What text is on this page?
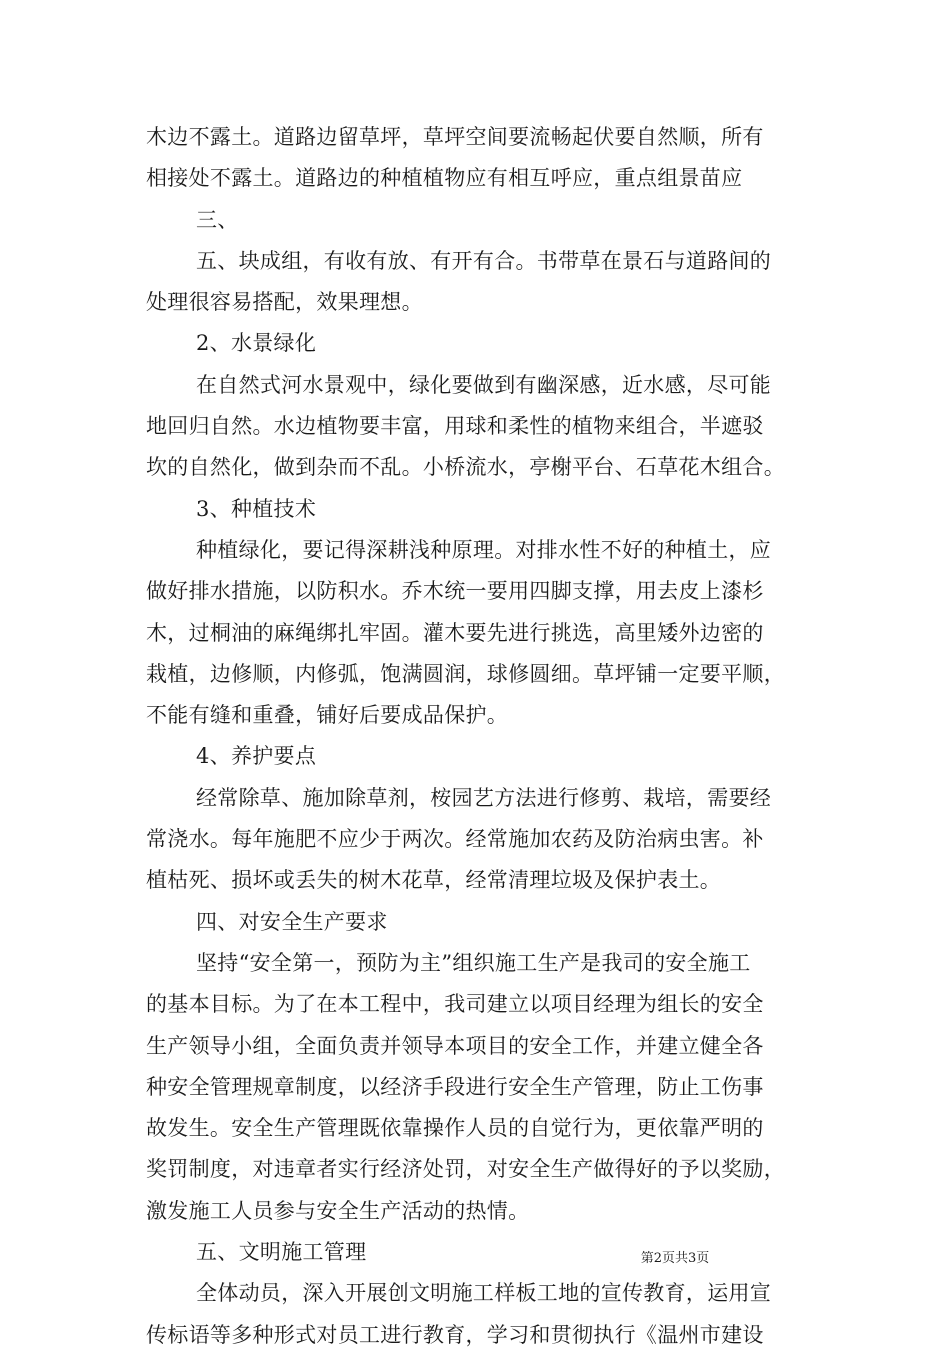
木边不露土。道路边留草坪，草坪空间要流畅起伏要自然顺，所有
相接处不露土。道路边的种植植物应有相互呼应，重点组景苗应
三、
五、块成组，有收有放、有开有合。书带草在景石与道路间的
处理很容易搭配，效果理想。
2、水景绿化
在自然式河水景观中，绿化要做到有幽深感，近水感，尽可能
地回归自然。水边植物要丰富，用球和柔性的植物来组合，半遮驳
坎的自然化，做到杂而不乱。小桥流水，亭榭平台、石草花木组合。
3、种植技术
种植绿化，要记得深耕浅种原理。对排水性不好的种植土，应
做好排水措施，以防积水。乔木统一要用四脚支撑，用去皮上漆杉
木，过桐油的麻绳绑扎牢固。灌木要先进行挑选，高里矮外边密的
栽植，边修顺，内修弧，饱满圆润，球修圆细。草坪铺一定要平顺，
不能有缝和重叠，铺好后要成品保护。
4、养护要点
经常除草、施加除草剂，桉园艺方法进行修剪、栽培，需要经
常浇水。每年施肥不应少于两次。经常施加农药及防治病虫害。补
植枯死、损坏或丢失的树木花草，经常清理垃圾及保护表土。
四、对安全生产要求
坚持“安全第一，预防为主”组织施工生产是我司的安全施工
的基本目标。为了在本工程中，我司建立以项目经理为组长的安全
生产领导小组，全面负责并领导本项目的安全工作，并建立健全各
种安全管理规章制度，以经济手段进行安全生产管理，防止工伤事
故发生。安全生产管理既依靠操作人员的自觉行为，更依靠严明的
奖罚制度，对违章者实行经济处罚，对安全生产做得好的予以奖励，
激发施工人员参与安全生产活动的热情。
五、文明施工管理
全体动员，深入开展创文明施工样板工地的宣传教育，运用宣
传标语等多种形式对员工进行教育，学习和贯彻执行《温州市建设
第2页共3页
